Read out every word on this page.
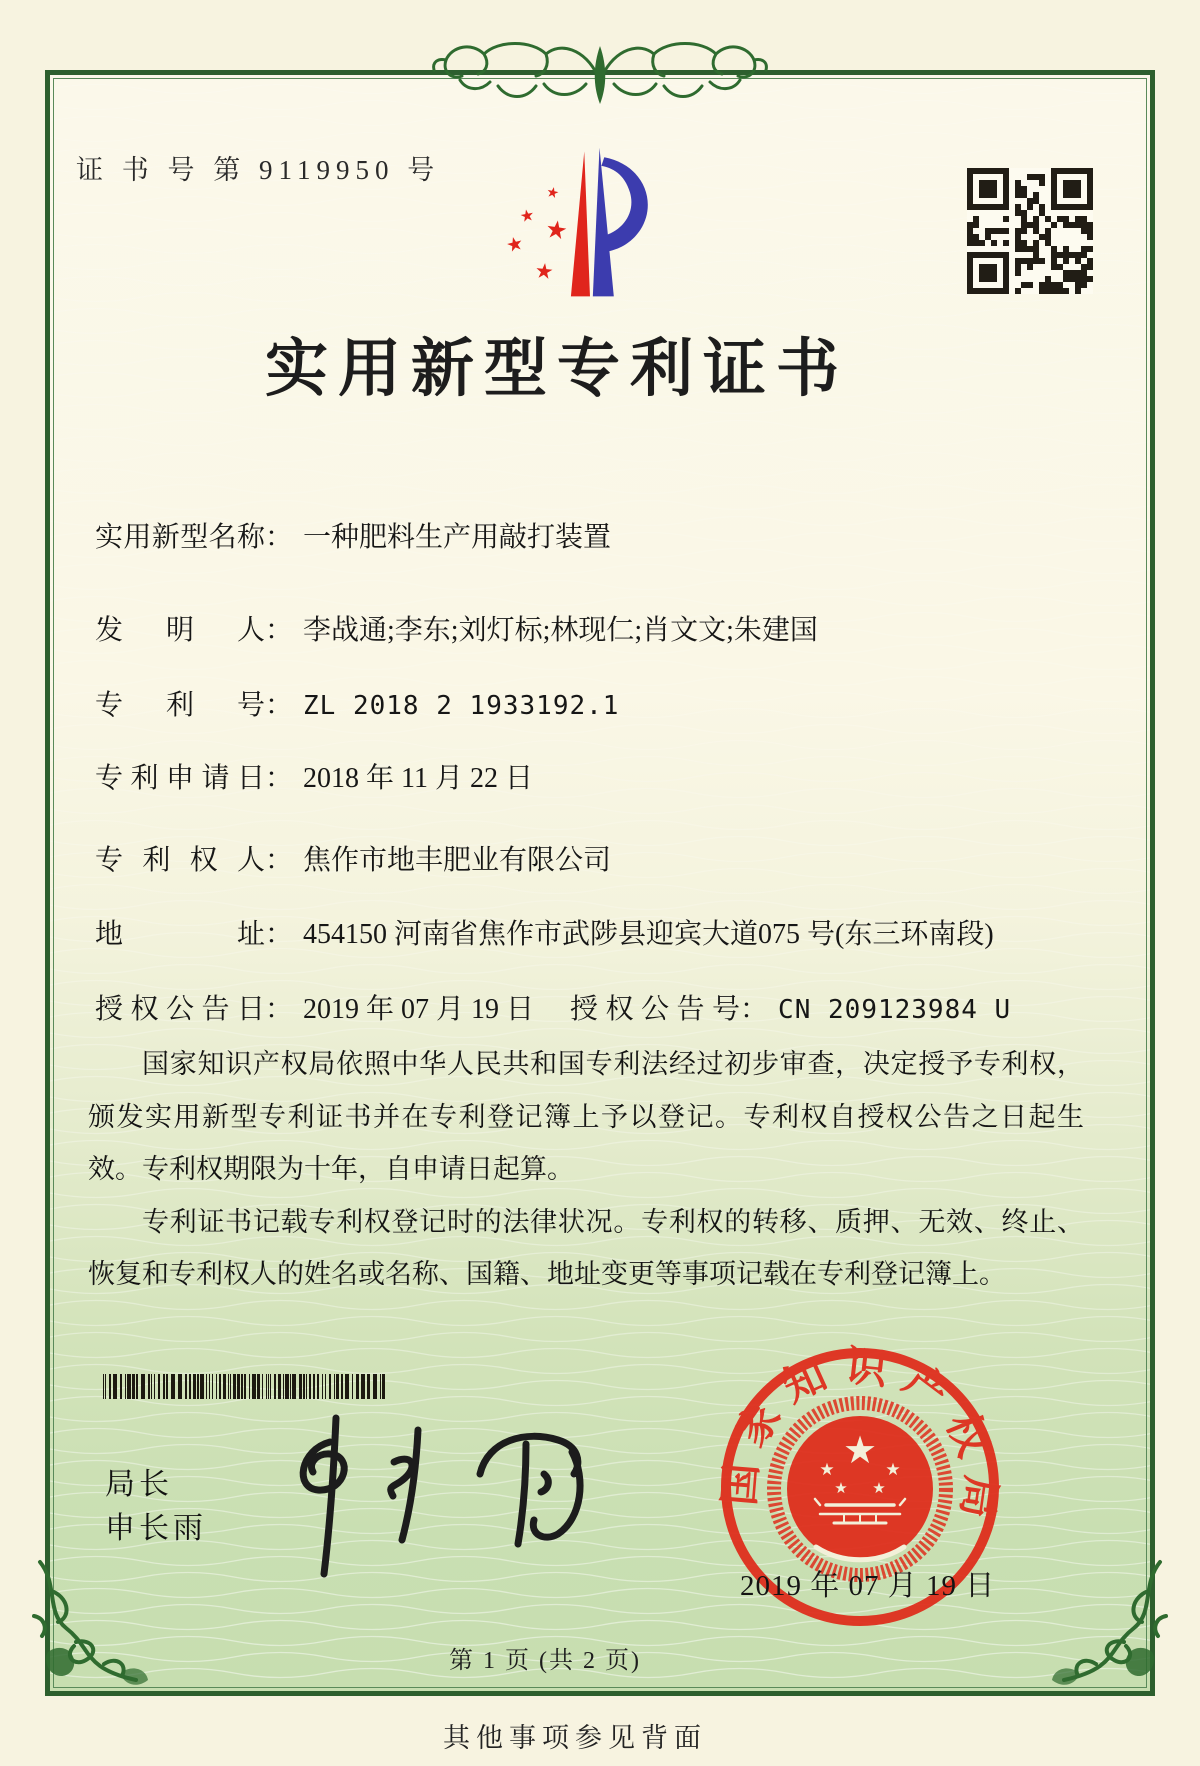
证 书 号 第 9119950 号
★
★ ★
★
★
实用新型专利证书
实用新型名称： 一种肥料生产用敲打装置
发明人： 李战通;李东;刘灯标;林现仁;肖文文;朱建国
专利号： ZL 2018 2 1933192.1
专利申请日： 2018 年 11 月 22 日
专利权人： 焦作市地丰肥业有限公司
地址： 454150 河南省焦作市武陟县迎宾大道075 号(东三环南段)
授权公告日： 2019 年 07 月 19 日 授权公告号： CN 209123984 U

国家知识产权局依照中华人民共和国专利法经过初步审查，决定授予专利权，颁发实用新型专利证书并在专利登记簿上予以登记。专利权自授权公告之日起生效。专利权期限为十年，自申请日起算。

专利证书记载专利权登记时的法律状况。专利权的转移、质押、无效、终止、恢复和专利权人的姓名或名称、国籍、地址变更等事项记载在专利登记簿上。

局长
申长雨
★
★	★
★ ★
国家知识产权局
2019 年 07 月 19 日
第 1 页 (共 2 页)
其他事项参见背面
